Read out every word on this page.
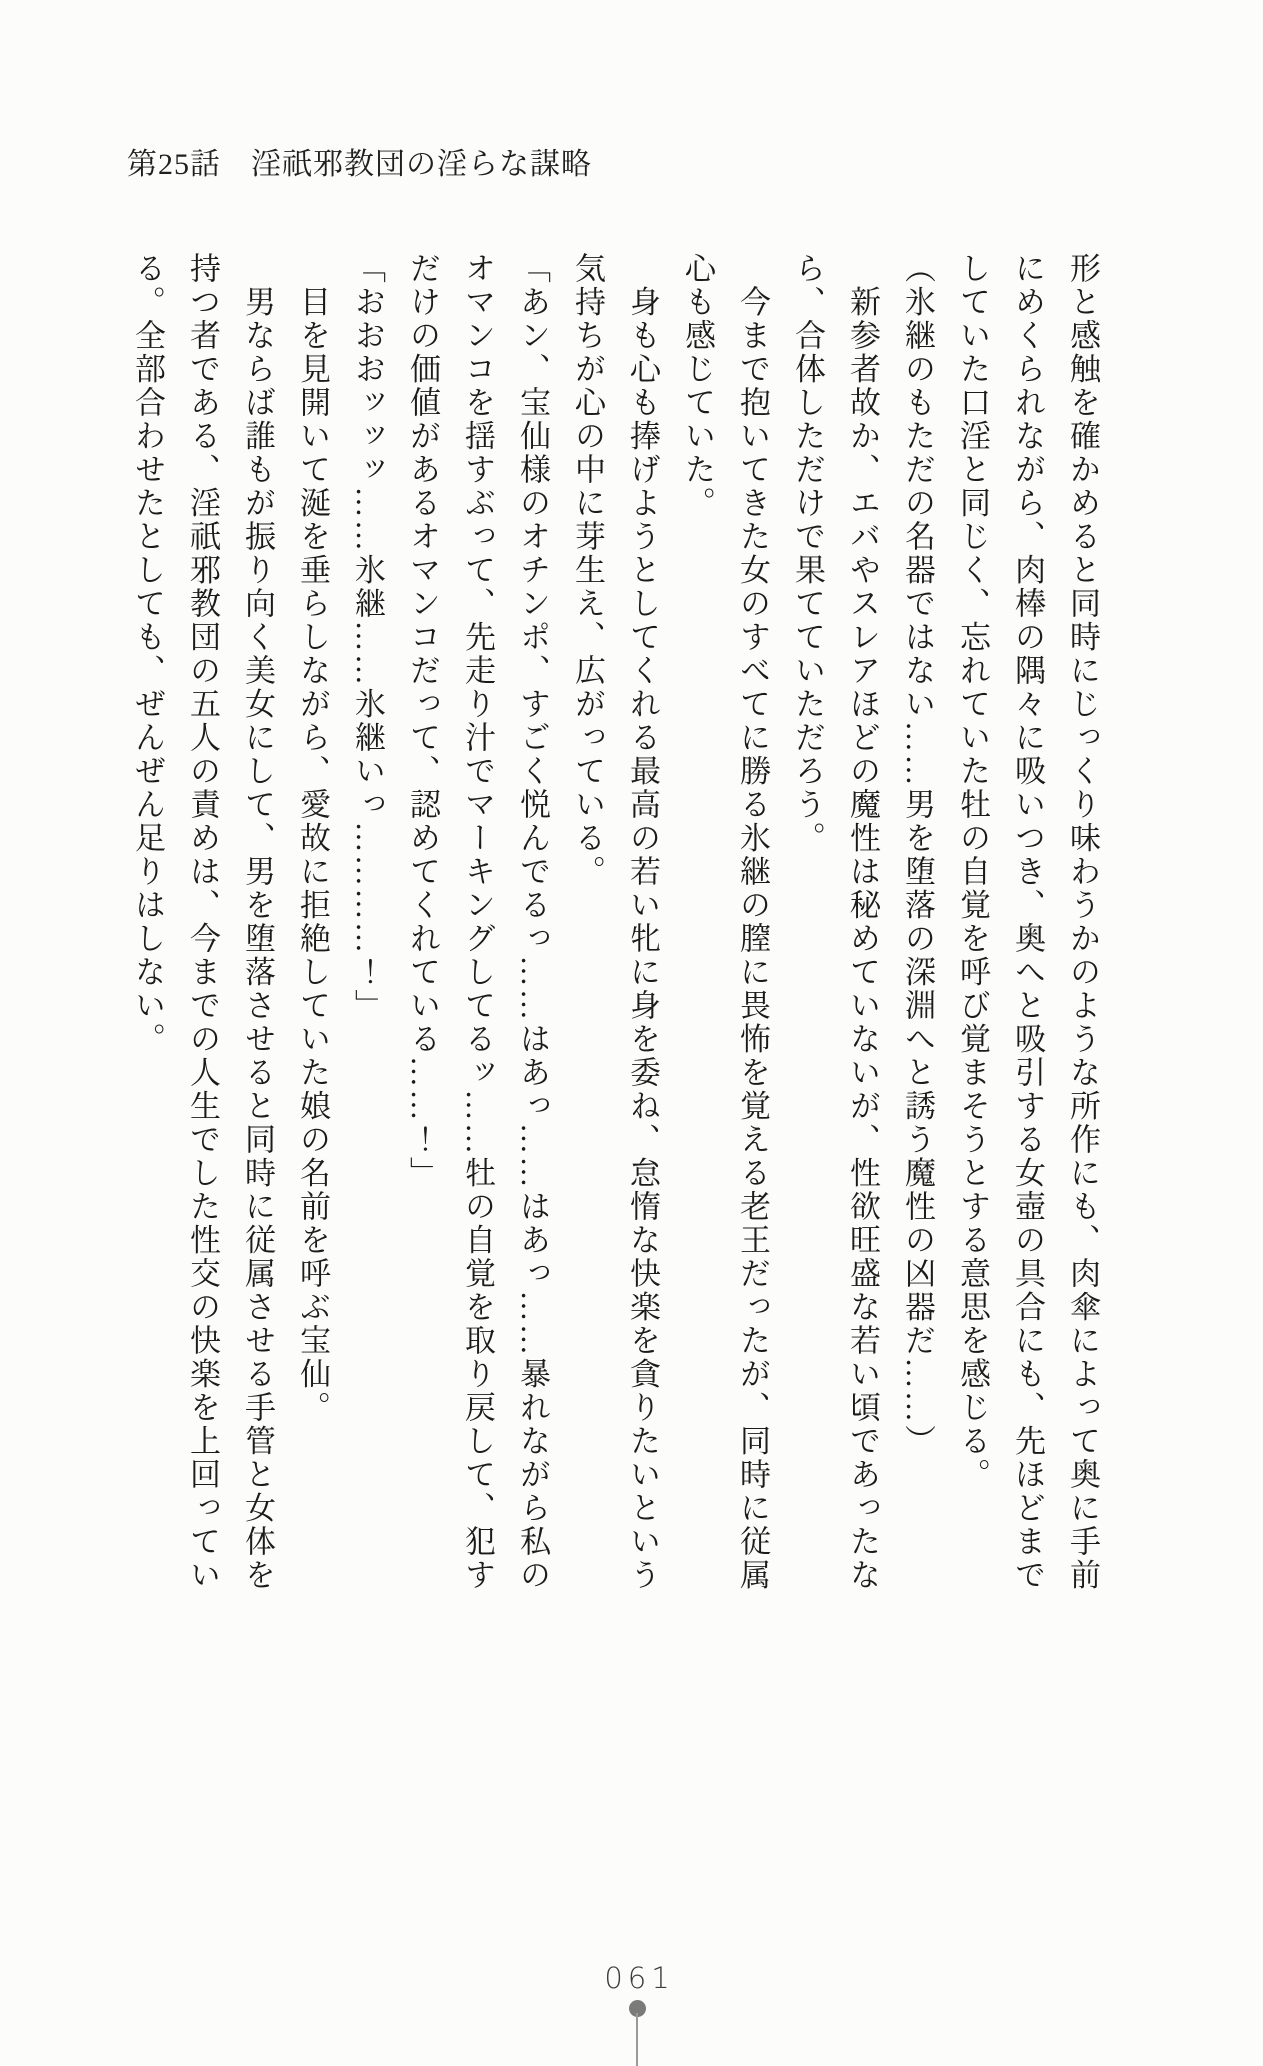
第25話 淫祇邪教団の淫らな謀略

形と感触を確かめると同時にじっくり味わうかのような所作にも、肉傘によって奥に手前

にめくられながら、肉棒の隅々に吸いつき、奥へと吸引する女壺の具合にも、先ほどまで

していた口淫と同じく、忘れていた牡の自覚を呼び覚まそうとする意思を感じる。

（氷継のもただの名器ではない……男を堕落の深淵へと誘う魔性の凶器だ……）

　新参者故か、エバやスレアほどの魔性は秘めていないが、性欲旺盛な若い頃であったな

ら、合体しただけで果てていただろう。

　今まで抱いてきた女のすべてに勝る氷継の膣に畏怖を覚える老王だったが、同時に従属

心も感じていた。

　身も心も捧げようとしてくれる最高の若い牝に身を委ね、怠惰な快楽を貪りたいという

気持ちが心の中に芽生え、広がっている。

「あン、宝仙様のオチンポ、すごく悦んでるっ……はあっ……はあっ……暴れながら私の

オマンコを揺すぶって、先走り汁でマーキングしてるッ……牡の自覚を取り戻して、犯す

だけの価値があるオマンコだって、認めてくれている……！」

「おおおッッッ……氷継……氷継いっ…………！」

　目を見開いて涎を垂らしながら、愛故に拒絶していた娘の名前を呼ぶ宝仙。

　男ならば誰もが振り向く美女にして、男を堕落させると同時に従属させる手管と女体を

持つ者である、淫祇邪教団の五人の責めは、今までの人生でした性交の快楽を上回ってい

る。全部合わせたとしても、ぜんぜん足りはしない。

061
